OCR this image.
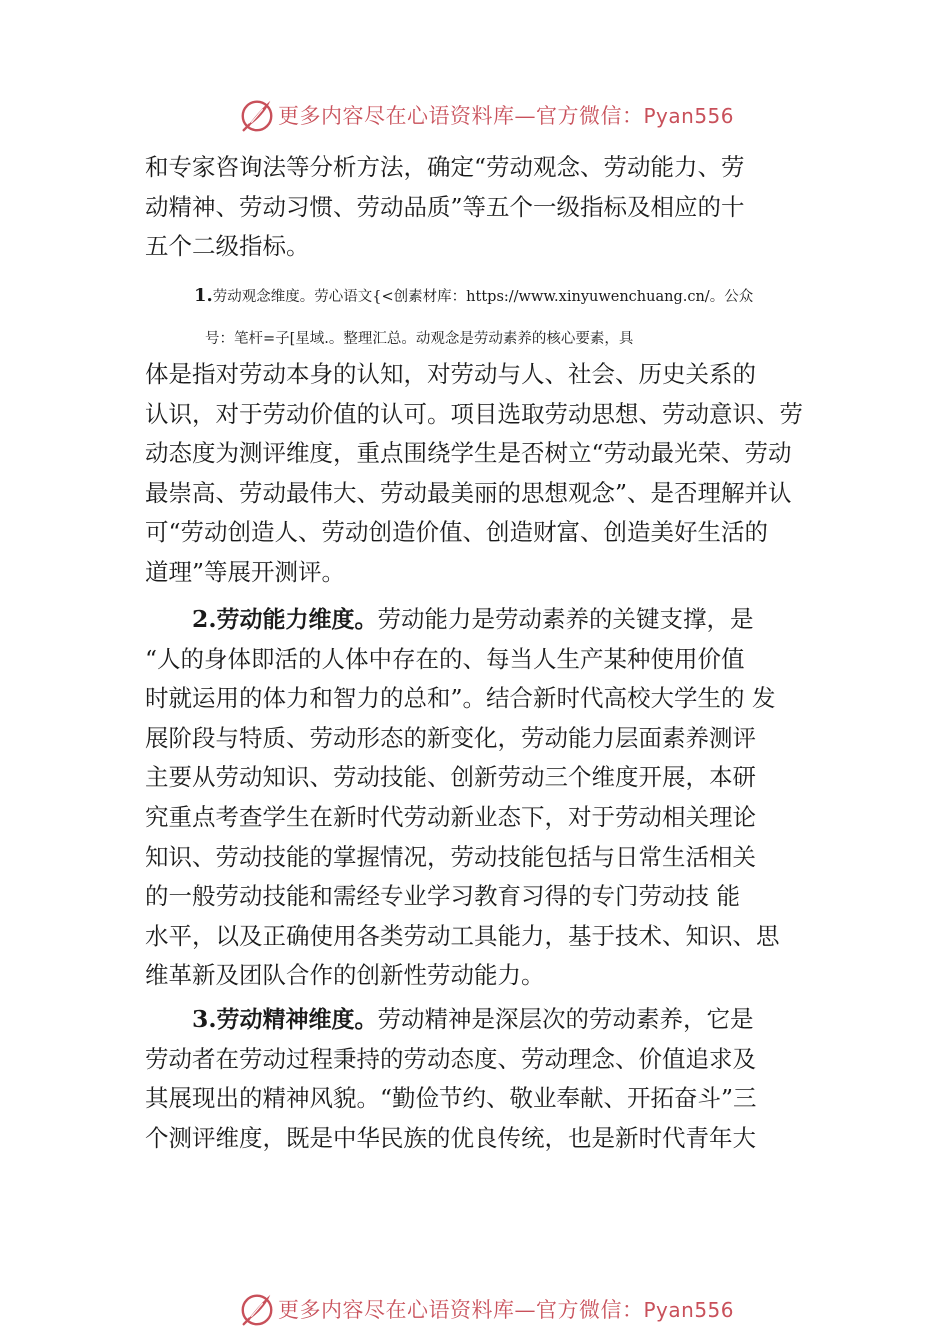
更多内容尽在心语资料库—官方微信：Pyan556
和专家咨询法等分析方法，确定“劳动观念、劳动能力、劳
动精神、劳动习惯、劳动品质”等五个一级指标及相应的十
五个二级指标。
1.劳动观念维度。劳心语文{<创素材库：https://www.xinyuwenchuang.cn/。公众
号：笔杆=子[星域.。整理汇总。动观念是劳动素养的核心要素，具
体是指对劳动本身的认知，对劳动与人、社会、历史关系的
认识，对于劳动价值的认可。项目选取劳动思想、劳动意识、劳
动态度为测评维度，重点围绕学生是否树立“劳动最光荣、劳动
最崇高、劳动最伟大、劳动最美丽的思想观念”、是否理解并认
可“劳动创造人、劳动创造价值、创造财富、创造美好生活的
道理”等展开测评。
2.劳动能力维度。劳动能力是劳动素养的关键支撑，是
“人的身体即活的人体中存在的、每当人生产某种使用价值
时就运用的体力和智力的总和”。结合新时代高校大学生的 发
展阶段与特质、劳动形态的新变化，劳动能力层面素养测评
主要从劳动知识、劳动技能、创新劳动三个维度开展，本研
究重点考查学生在新时代劳动新业态下，对于劳动相关理论
知识、劳动技能的掌握情况，劳动技能包括与日常生活相关
的一般劳动技能和需经专业学习教育习得的专门劳动技 能
水平，以及正确使用各类劳动工具能力，基于技术、知识、思
维革新及团队合作的创新性劳动能力。
3.劳动精神维度。劳动精神是深层次的劳动素养，它是
劳动者在劳动过程秉持的劳动态度、劳动理念、价值追求及
其展现出的精神风貌。“勤俭节约、敬业奉献、开拓奋斗”三
个测评维度，既是中华民族的优良传统，也是新时代青年大
更多内容尽在心语资料库—官方微信：Pyan556
